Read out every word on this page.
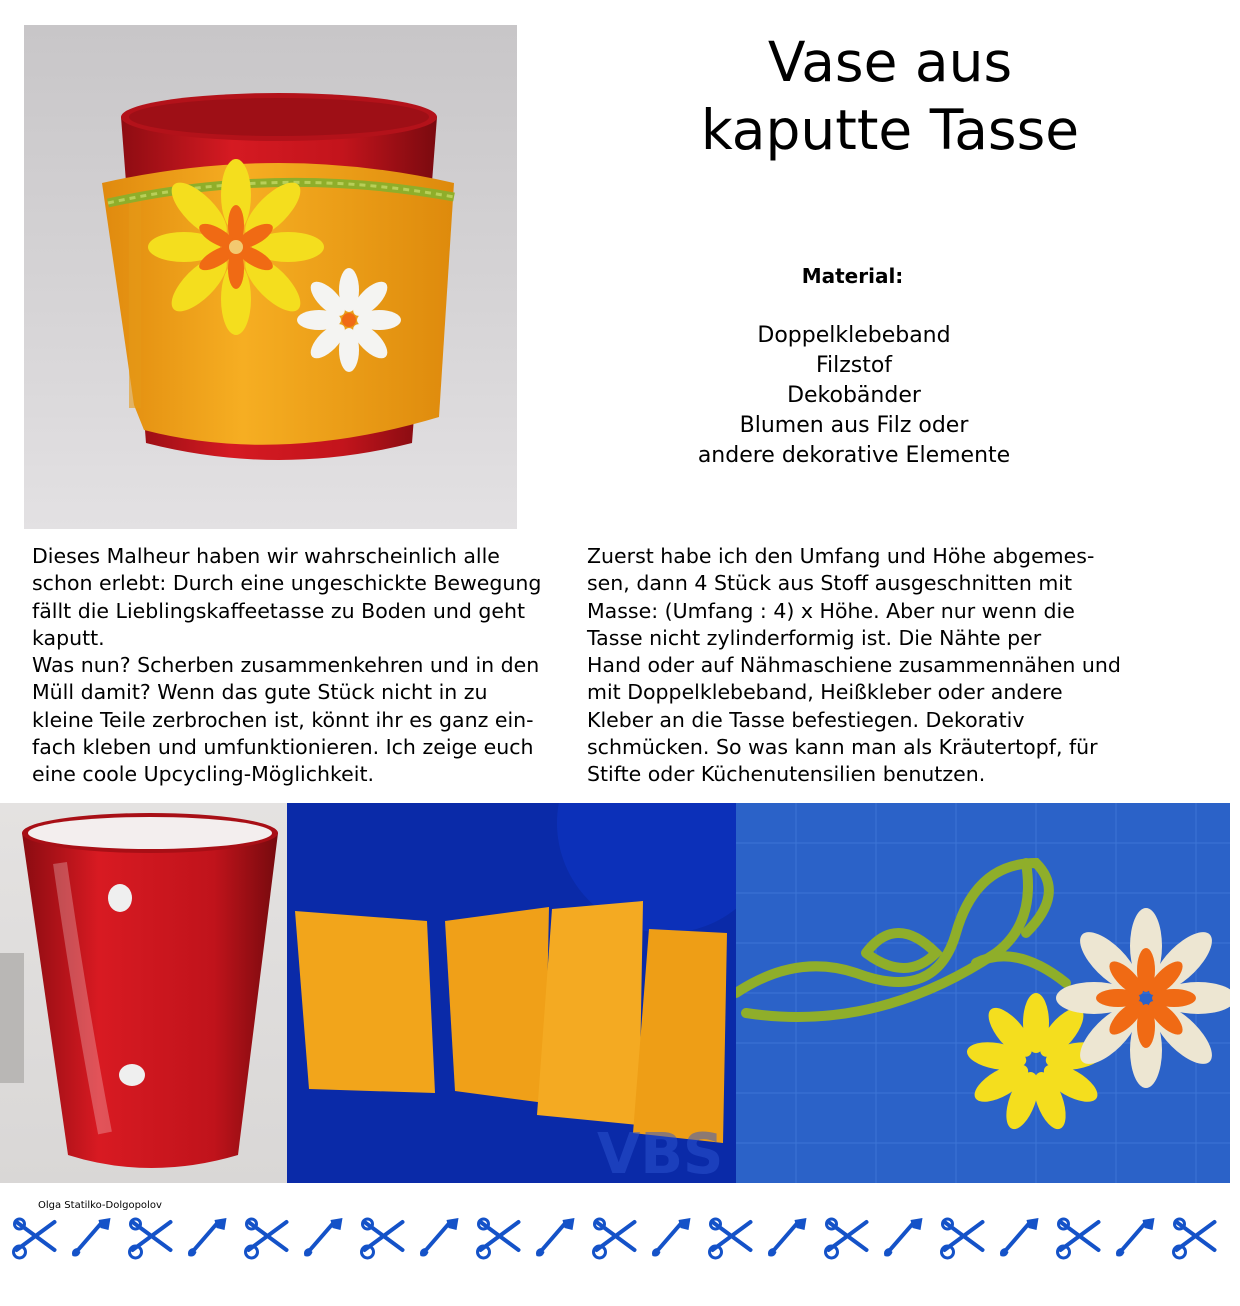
Vase aus
kaputte Tasse
Material:
Doppelklebeband
Filzstof
Dekobänder
Blumen aus Filz oder
andere dekorative Elemente

Dieses Malheur haben wir wahrscheinlich alle
schon erlebt: Durch eine ungeschickte Bewegung
fällt die Lieblingskaffeetasse zu Boden und geht
kaputt.
Was nun? Scherben zusammenkehren und in den
Müll damit? Wenn das gute Stück nicht in zu
kleine Teile zerbrochen ist, könnt ihr es ganz ein-
fach kleben und umfunktionieren. Ich zeige euch
eine coole Upcycling-Möglichkeit.

Zuerst habe ich den Umfang und Höhe abgemes-
sen, dann 4 Stück aus Stoff ausgeschnitten mit
Masse: (Umfang : 4) x Höhe. Aber nur wenn die
Tasse nicht zylinderformig ist. Die Nähte per
Hand oder auf Nähmaschiene zusammennähen und
mit Doppelklebeband, Heißkleber oder andere
Kleber an die Tasse befestiegen. Dekorativ
schmücken. So was kann man als Kräutertopf, für
Stifte oder Küchenutensilien benutzen.

VBS
Olga Statilko-Dolgopolov
